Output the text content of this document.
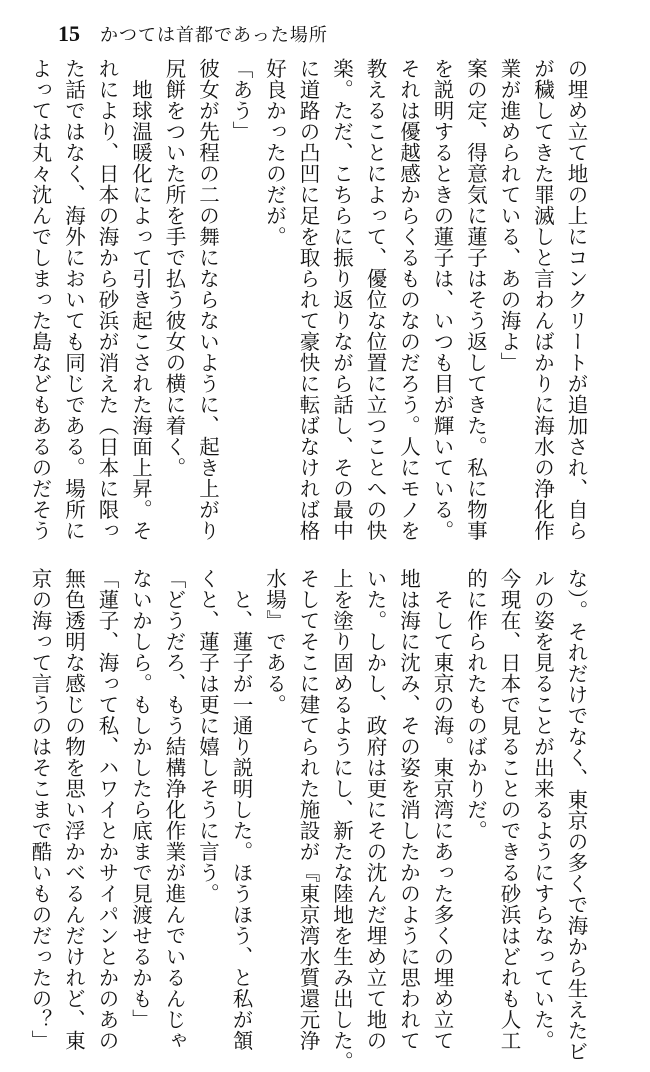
15 かつては首都であった場所
の埋め立て地の上にコンクリートが追加され、自ら
が穢してきた罪滅しと言わんばかりに海水の浄化作
業が進められている、あの海よ」
案の定、得意気に蓮子はそう返してきた。私に物事
を説明するときの蓮子は、いつも目が輝いている。
それは優越感からくるものなのだろう。人にモノを
教えることによって、優位な位置に立つことへの快
楽。ただ、こちらに振り返りながら話し、その最中
に道路の凸凹に足を取られて豪快に転ばなければ格
好良かったのだが。
「あう」
彼女が先程の二の舞にならないように、起き上がり
尻餅をついた所を手で払う彼女の横に着く。
　地球温暖化によって引き起こされた海面上昇。そ
れにより、日本の海から砂浜が消えた（日本に限っ
た話ではなく、海外においても同じである。場所に
よっては丸々沈んでしまった島などもあるのだそう
な）。それだけでなく、東京の多くで海から生えたビ
ルの姿を見ることが出来るようにすらなっていた。
今現在、日本で見ることのできる砂浜はどれも人工
的に作られたものばかりだ。
　そして東京の海。東京湾にあった多くの埋め立て
地は海に沈み、その姿を消したかのように思われて
いた。しかし、政府は更にその沈んだ埋め立て地の
上を塗り固めるようにし、新たな陸地を生み出した。
そしてそこに建てられた施設が『東京湾水質還元浄
水場』である。
　と、蓮子が一通り説明した。ほうほう、と私が頷
くと、蓮子は更に嬉しそうに言う。
「どうだろ、もう結構浄化作業が進んでいるんじゃ
ないかしら。もしかしたら底まで見渡せるかも」
「蓮子、海って私、ハワイとかサイパンとかのあの
無色透明な感じの物を思い浮かべるんだけれど、東
京の海って言うのはそこまで酷いものだったの？」
